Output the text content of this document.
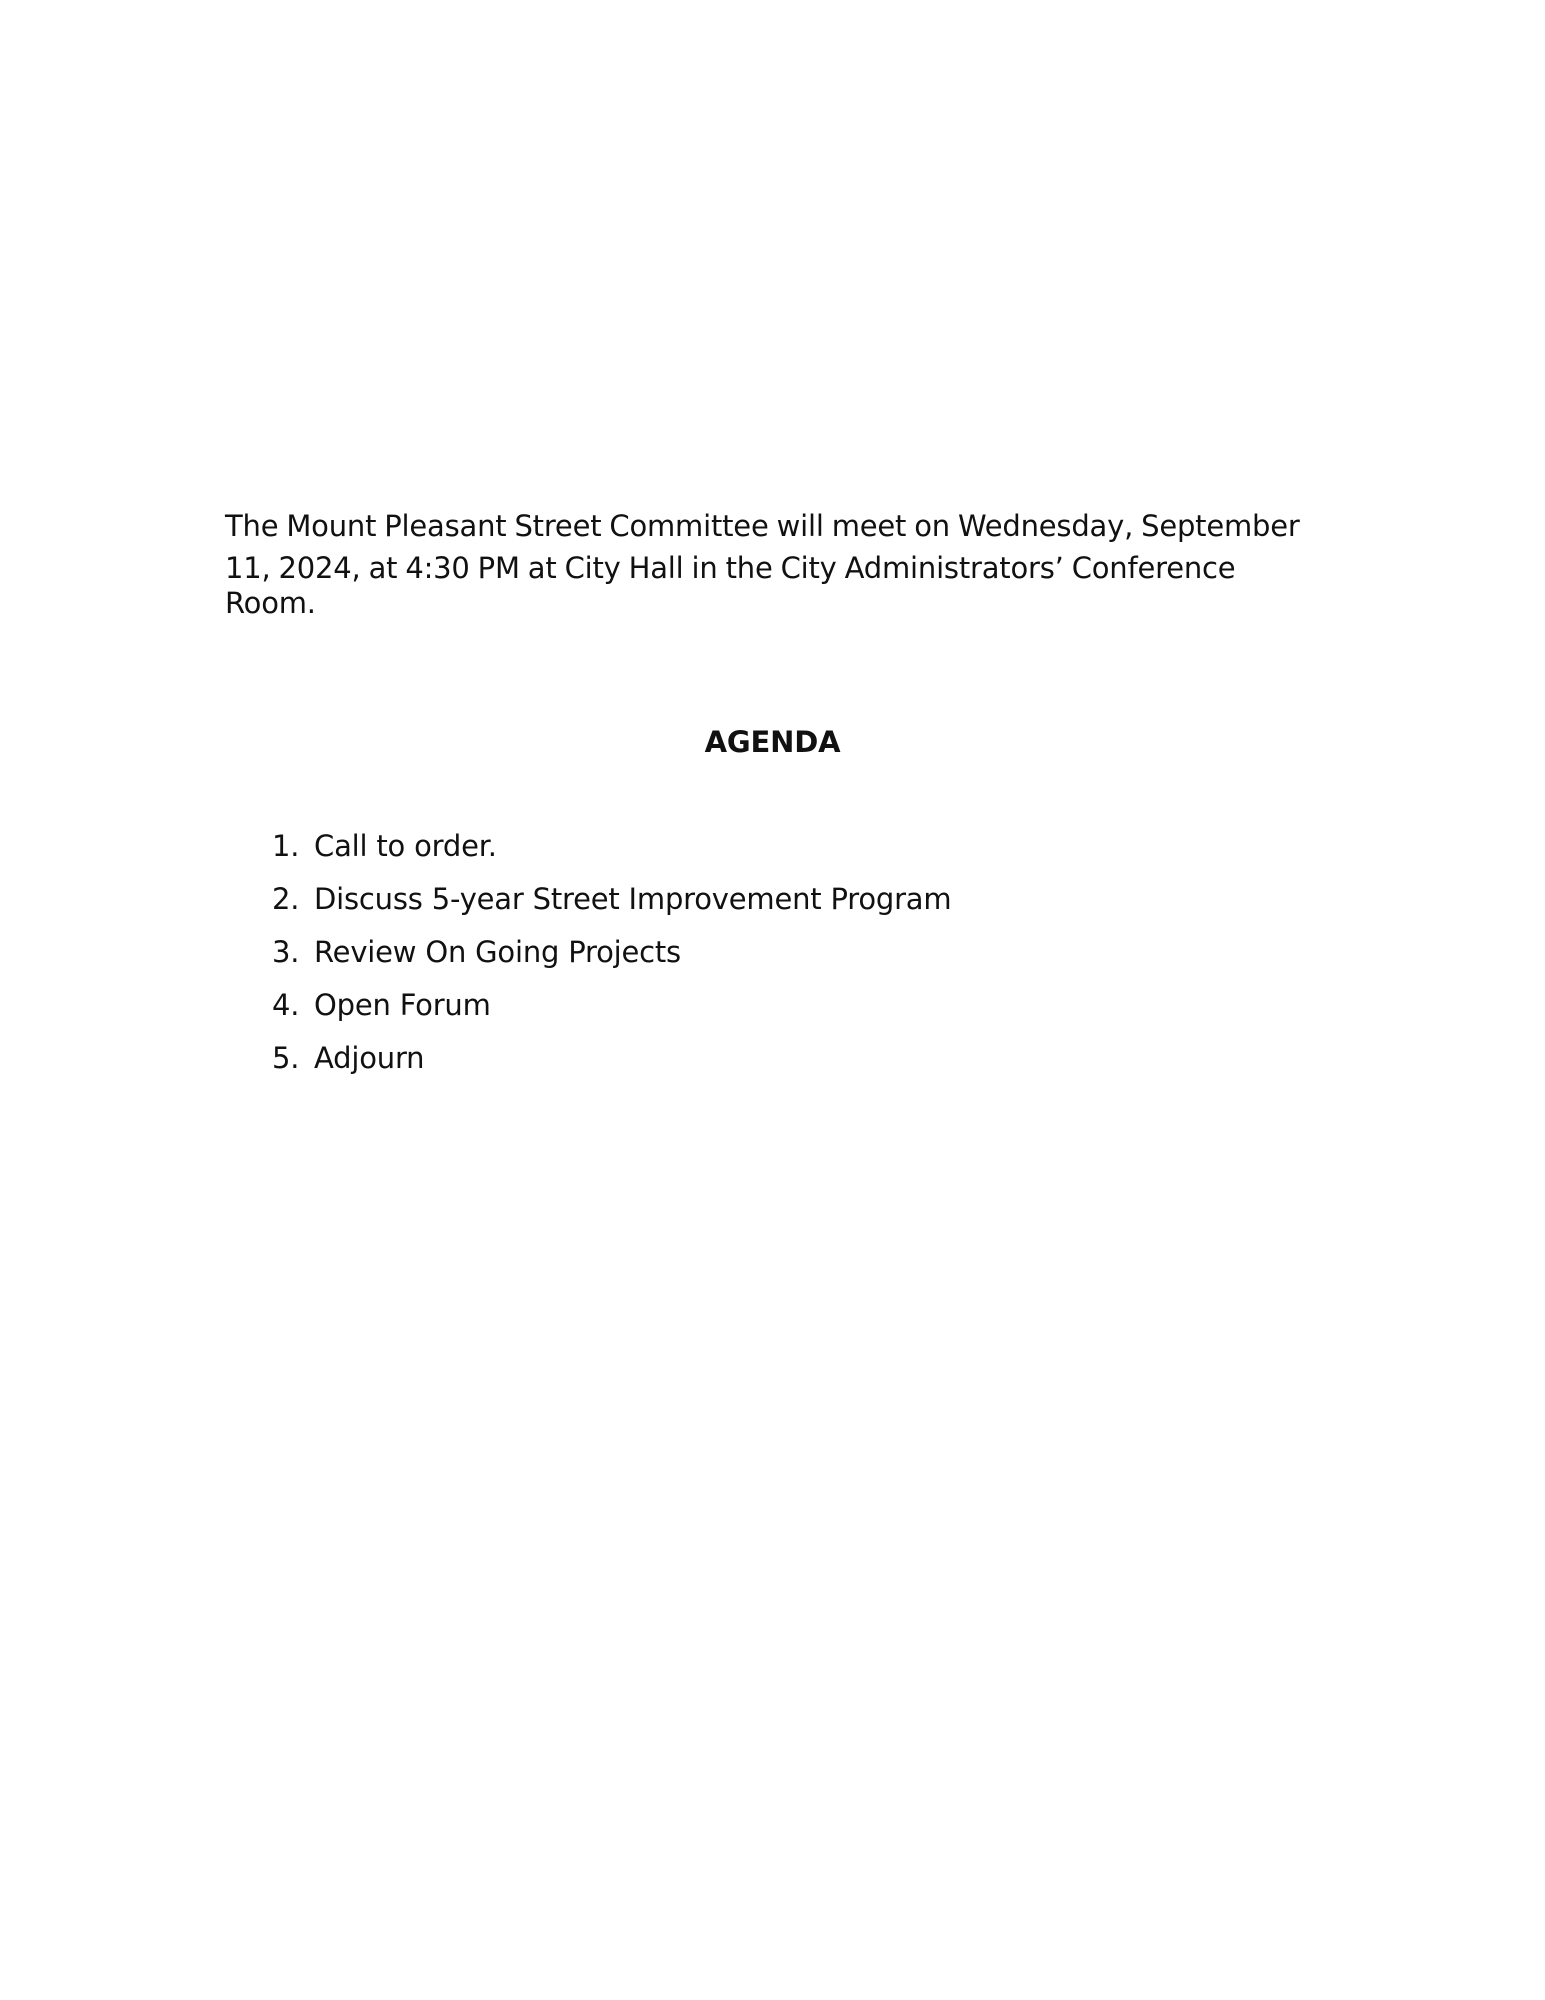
The Mount Pleasant Street Committee will meet on Wednesday, September
11, 2024, at 4:30 PM at City Hall in the City Administrators’ Conference
Room.

AGENDA
1. Call to order.
2. Discuss 5-year Street Improvement Program
3. Review On Going Projects
4. Open Forum
5. Adjourn
